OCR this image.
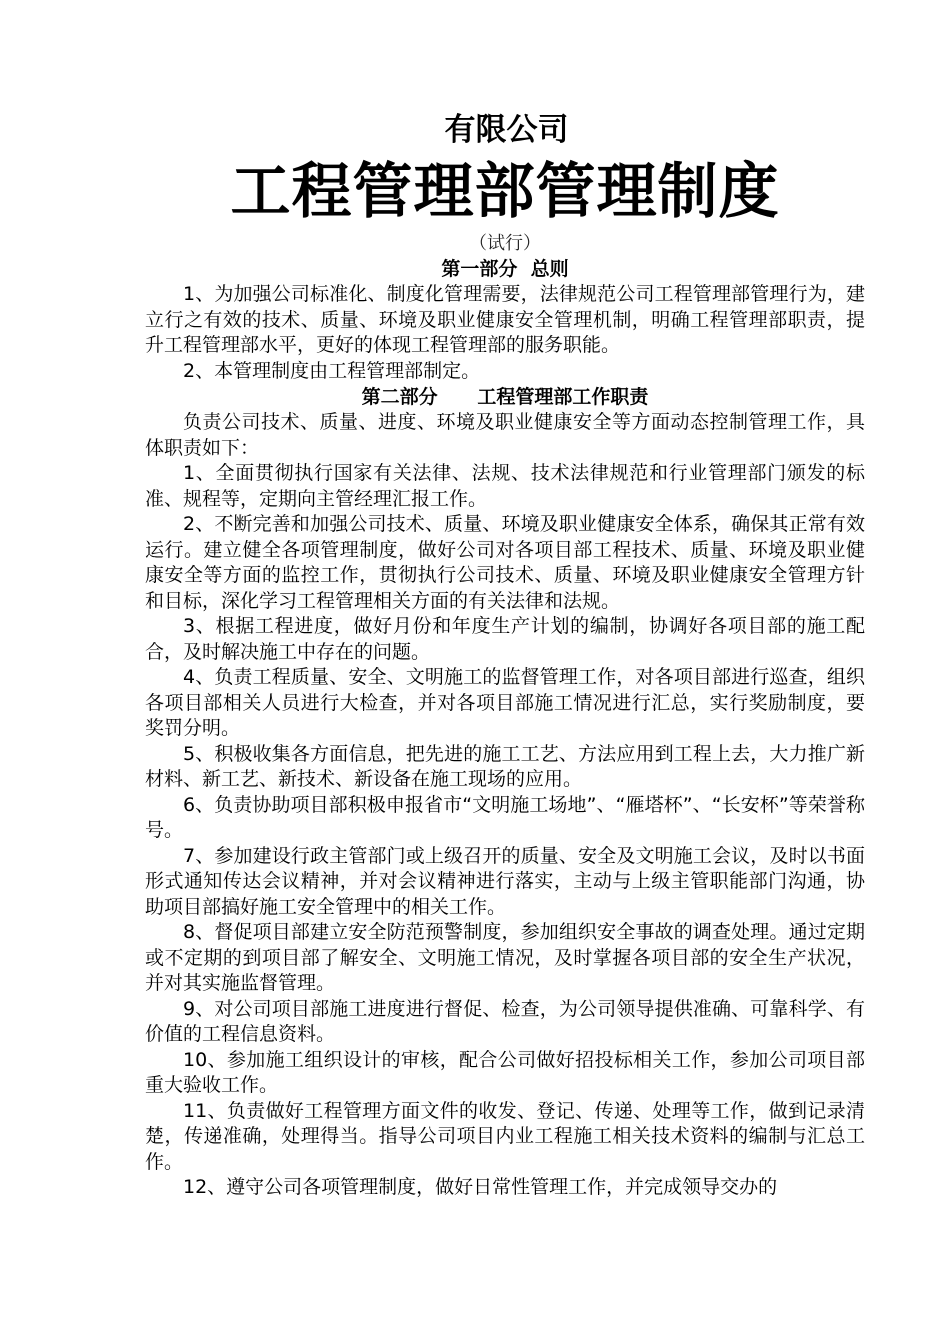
有限公司
工程管理部管理制度

（试行）

第一部分  总则

1、为加强公司标准化、制度化管理需要，法律规范公司工程管理部管理行为，建立行之有效的技术、质量、环境及职业健康安全管理机制，明确工程管理部职责，提升工程管理部水平，更好的体现工程管理部的服务职能。

2、本管理制度由工程管理部制定。

第二部分      工程管理部工作职责

负责公司技术、质量、进度、环境及职业健康安全等方面动态控制管理工作，具体职责如下：

1、全面贯彻执行国家有关法律、法规、技术法律规范和行业管理部门颁发的标准、规程等，定期向主管经理汇报工作。

2、不断完善和加强公司技术、质量、环境及职业健康安全体系，确保其正常有效运行。建立健全各项管理制度，做好公司对各项目部工程技术、质量、环境及职业健康安全等方面的监控工作，贯彻执行公司技术、质量、环境及职业健康安全管理方针和目标，深化学习工程管理相关方面的有关法律和法规。

3、根据工程进度，做好月份和年度生产计划的编制，协调好各项目部的施工配合，及时解决施工中存在的问题。

4、负责工程质量、安全、文明施工的监督管理工作，对各项目部进行巡查，组织各项目部相关人员进行大检查，并对各项目部施工情况进行汇总，实行奖励制度，要奖罚分明。

5、积极收集各方面信息，把先进的施工工艺、方法应用到工程上去，大力推广新材料、新工艺、新技术、新设备在施工现场的应用。

6、负责协助项目部积极申报省市“文明施工场地”、“雁塔杯”、“长安杯”等荣誉称号。

7、参加建设行政主管部门或上级召开的质量、安全及文明施工会议，及时以书面形式通知传达会议精神，并对会议精神进行落实，主动与上级主管职能部门沟通，协助项目部搞好施工安全管理中的相关工作。

8、督促项目部建立安全防范预警制度，参加组织安全事故的调查处理。通过定期或不定期的到项目部了解安全、文明施工情况，及时掌握各项目部的安全生产状况，并对其实施监督管理。

9、对公司项目部施工进度进行督促、检查，为公司领导提供准确、可靠科学、有价值的工程信息资料。

10、参加施工组织设计的审核，配合公司做好招投标相关工作，参加公司项目部重大验收工作。

11、负责做好工程管理方面文件的收发、登记、传递、处理等工作，做到记录清楚，传递准确，处理得当。指导公司项目内业工程施工相关技术资料的编制与汇总工作。

12、遵守公司各项管理制度，做好日常性管理工作，并完成领导交办的
